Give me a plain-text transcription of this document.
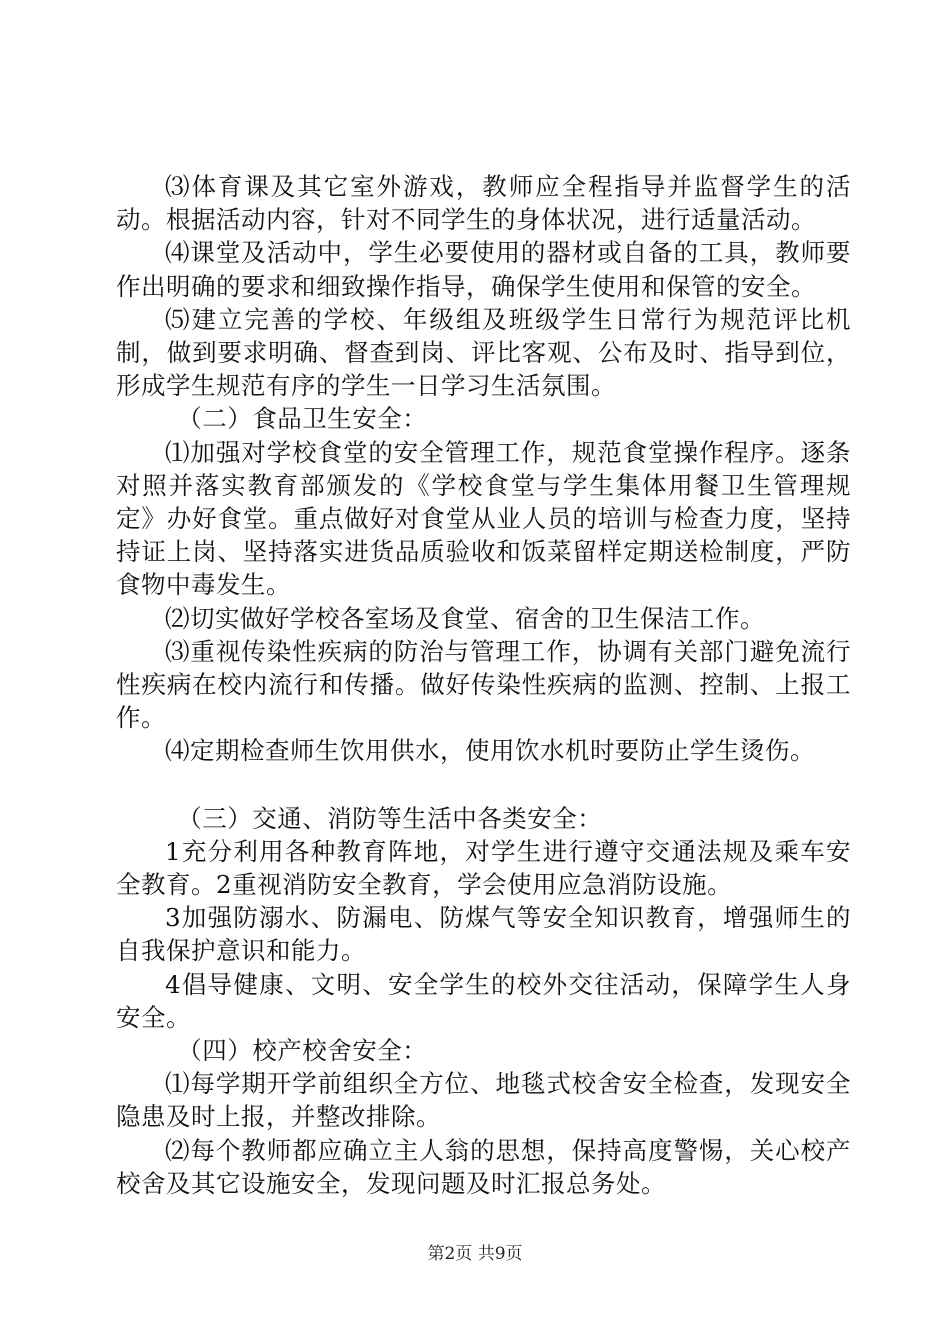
⑶体育课及其它室外游戏，教师应全程指导并监督学生的活动。根据活动内容，针对不同学生的身体状况，进行适量活动。

⑷课堂及活动中，学生必要使用的器材或自备的工具，教师要作出明确的要求和细致操作指导，确保学生使用和保管的安全。

⑸建立完善的学校、年级组及班级学生日常行为规范评比机制，做到要求明确、督查到岗、评比客观、公布及时、指导到位，形成学生规范有序的学生一日学习生活氛围。

（二）食品卫生安全：

⑴加强对学校食堂的安全管理工作，规范食堂操作程序。逐条对照并落实教育部颁发的《学校食堂与学生集体用餐卫生管理规定》办好食堂。重点做好对食堂从业人员的培训与检查力度，坚持持证上岗、坚持落实进货品质验收和饭菜留样定期送检制度，严防食物中毒发生。

⑵切实做好学校各室场及食堂、宿舍的卫生保洁工作。

⑶重视传染性疾病的防治与管理工作，协调有关部门避免流行性疾病在校内流行和传播。做好传染性疾病的监测、控制、上报工作。

⑷定期检查师生饮用供水，使用饮水机时要防止学生烫伤。

（三）交通、消防等生活中各类安全：

1充分利用各种教育阵地，对学生进行遵守交通法规及乘车安全教育。2重视消防安全教育，学会使用应急消防设施。

3加强防溺水、防漏电、防煤气等安全知识教育，增强师生的自我保护意识和能力。

4倡导健康、文明、安全学生的校外交往活动，保障学生人身安全。

（四）校产校舍安全：

⑴每学期开学前组织全方位、地毯式校舍安全检查，发现安全隐患及时上报，并整改排除。

⑵每个教师都应确立主人翁的思想，保持高度警惕，关心校产校舍及其它设施安全，发现问题及时汇报总务处。

第2页 共9页
